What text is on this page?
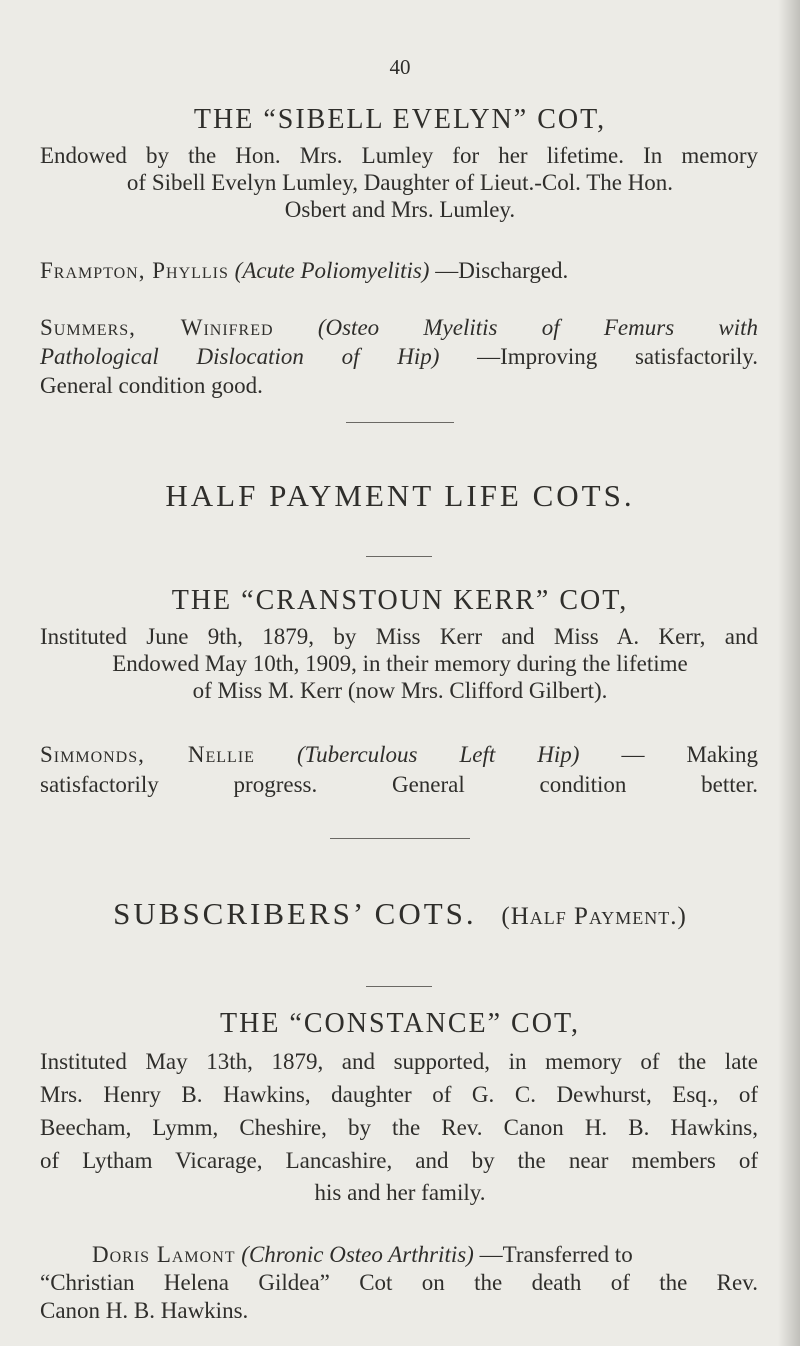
40
THE “SIBELL EVELYN” COT,
Endowed by the Hon. Mrs. Lumley for her lifetime. In memory
of Sibell Evelyn Lumley, Daughter of Lieut.-Col. The Hon.
Osbert and Mrs. Lumley.
Frampton, Phyllis (Acute Poliomyelitis) —Discharged.
Summers, Winifred (Osteo Myelitis of Femurs with
Pathological Dislocation of Hip) —Improving satisfactorily.
General condition good.
HALF PAYMENT LIFE COTS.
THE “CRANSTOUN KERR” COT,
Instituted June 9th, 1879, by Miss Kerr and Miss A. Kerr, and
Endowed May 10th, 1909, in their memory during the lifetime
of Miss M. Kerr (now Mrs. Clifford Gilbert).
Simmonds, Nellie (Tuberculous Left Hip) — Making
satisfactorily progress. General condition better.
SUBSCRIBERS’ COTS. (Half Payment.)
THE “CONSTANCE” COT,
Instituted May 13th, 1879, and supported, in memory of the late
Mrs. Henry B. Hawkins, daughter of G. C. Dewhurst, Esq., of
Beecham, Lymm, Cheshire, by the Rev. Canon H. B. Hawkins,
of Lytham Vicarage, Lancashire, and by the near members of
his and her family.
Doris Lamont (Chronic Osteo Arthritis) —Transferred to
“Christian Helena Gildea” Cot on the death of the Rev.
Canon H. B. Hawkins.
